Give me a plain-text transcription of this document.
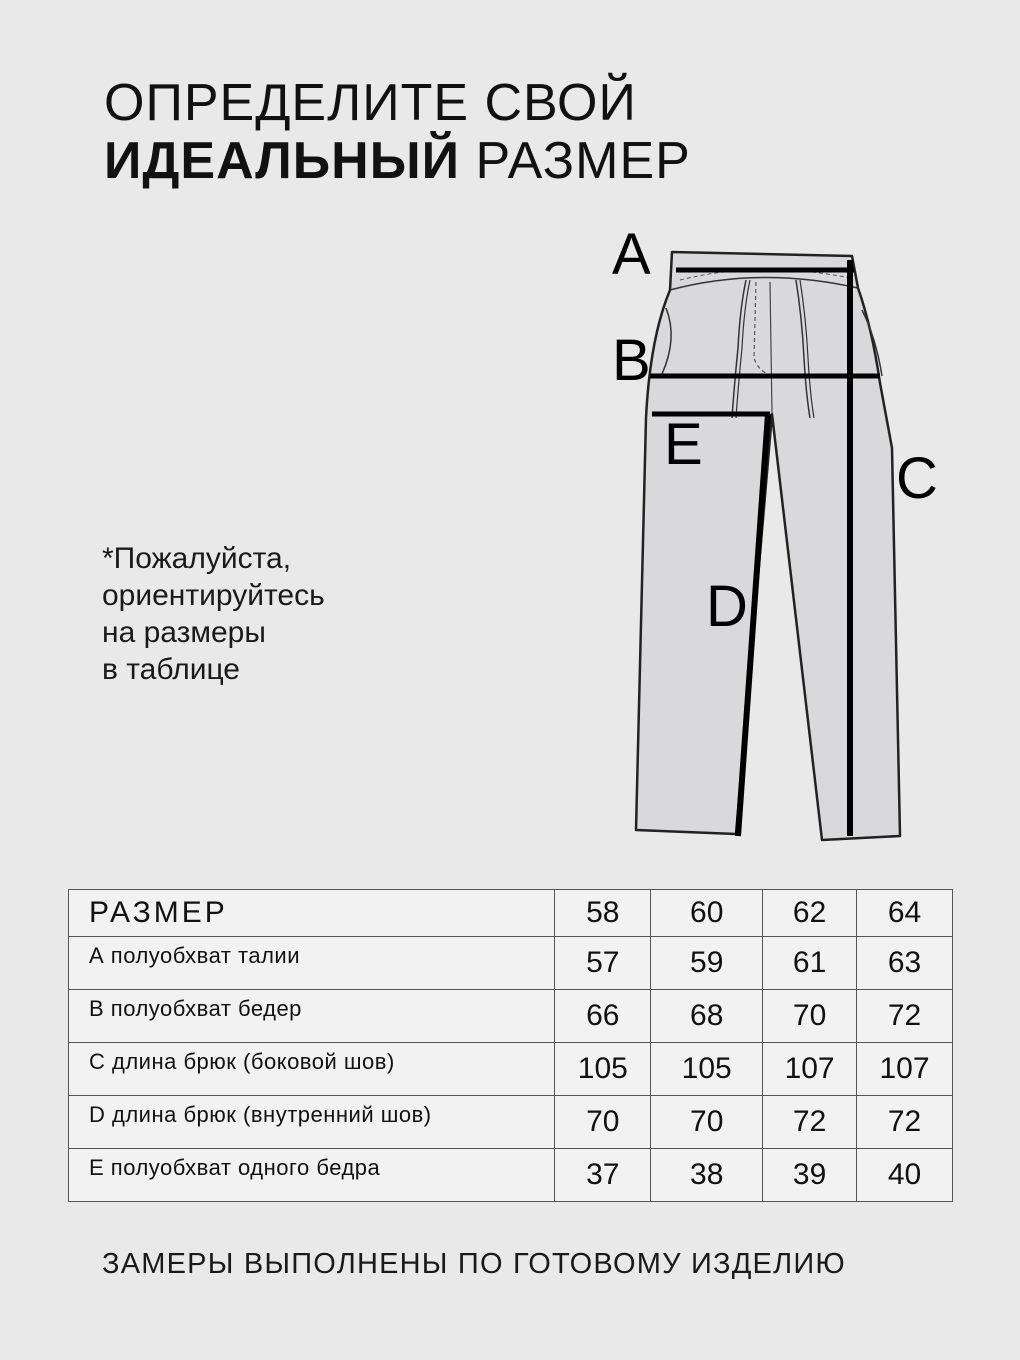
ОПРЕДЕЛИТЕ СВОЙ
ИДЕАЛЬНЫЙ РАЗМЕР
*Пожалуйста,
ориентируйтесь
на размеры
в таблице
A
B
C
D
E
РАЗМЕР	58	60	62	64
А полуобхват талии	57	59	61	63
В полуобхват бедер	66	68	70	72
С длина брюк (боковой шов)	105	105	107	107
D длина брюк (внутренний шов)	70	70	72	72
Е полуобхват одного бедра	37	38	39	40
ЗАМЕРЫ ВЫПОЛНЕНЫ ПО ГОТОВОМУ ИЗДЕЛИЮ
